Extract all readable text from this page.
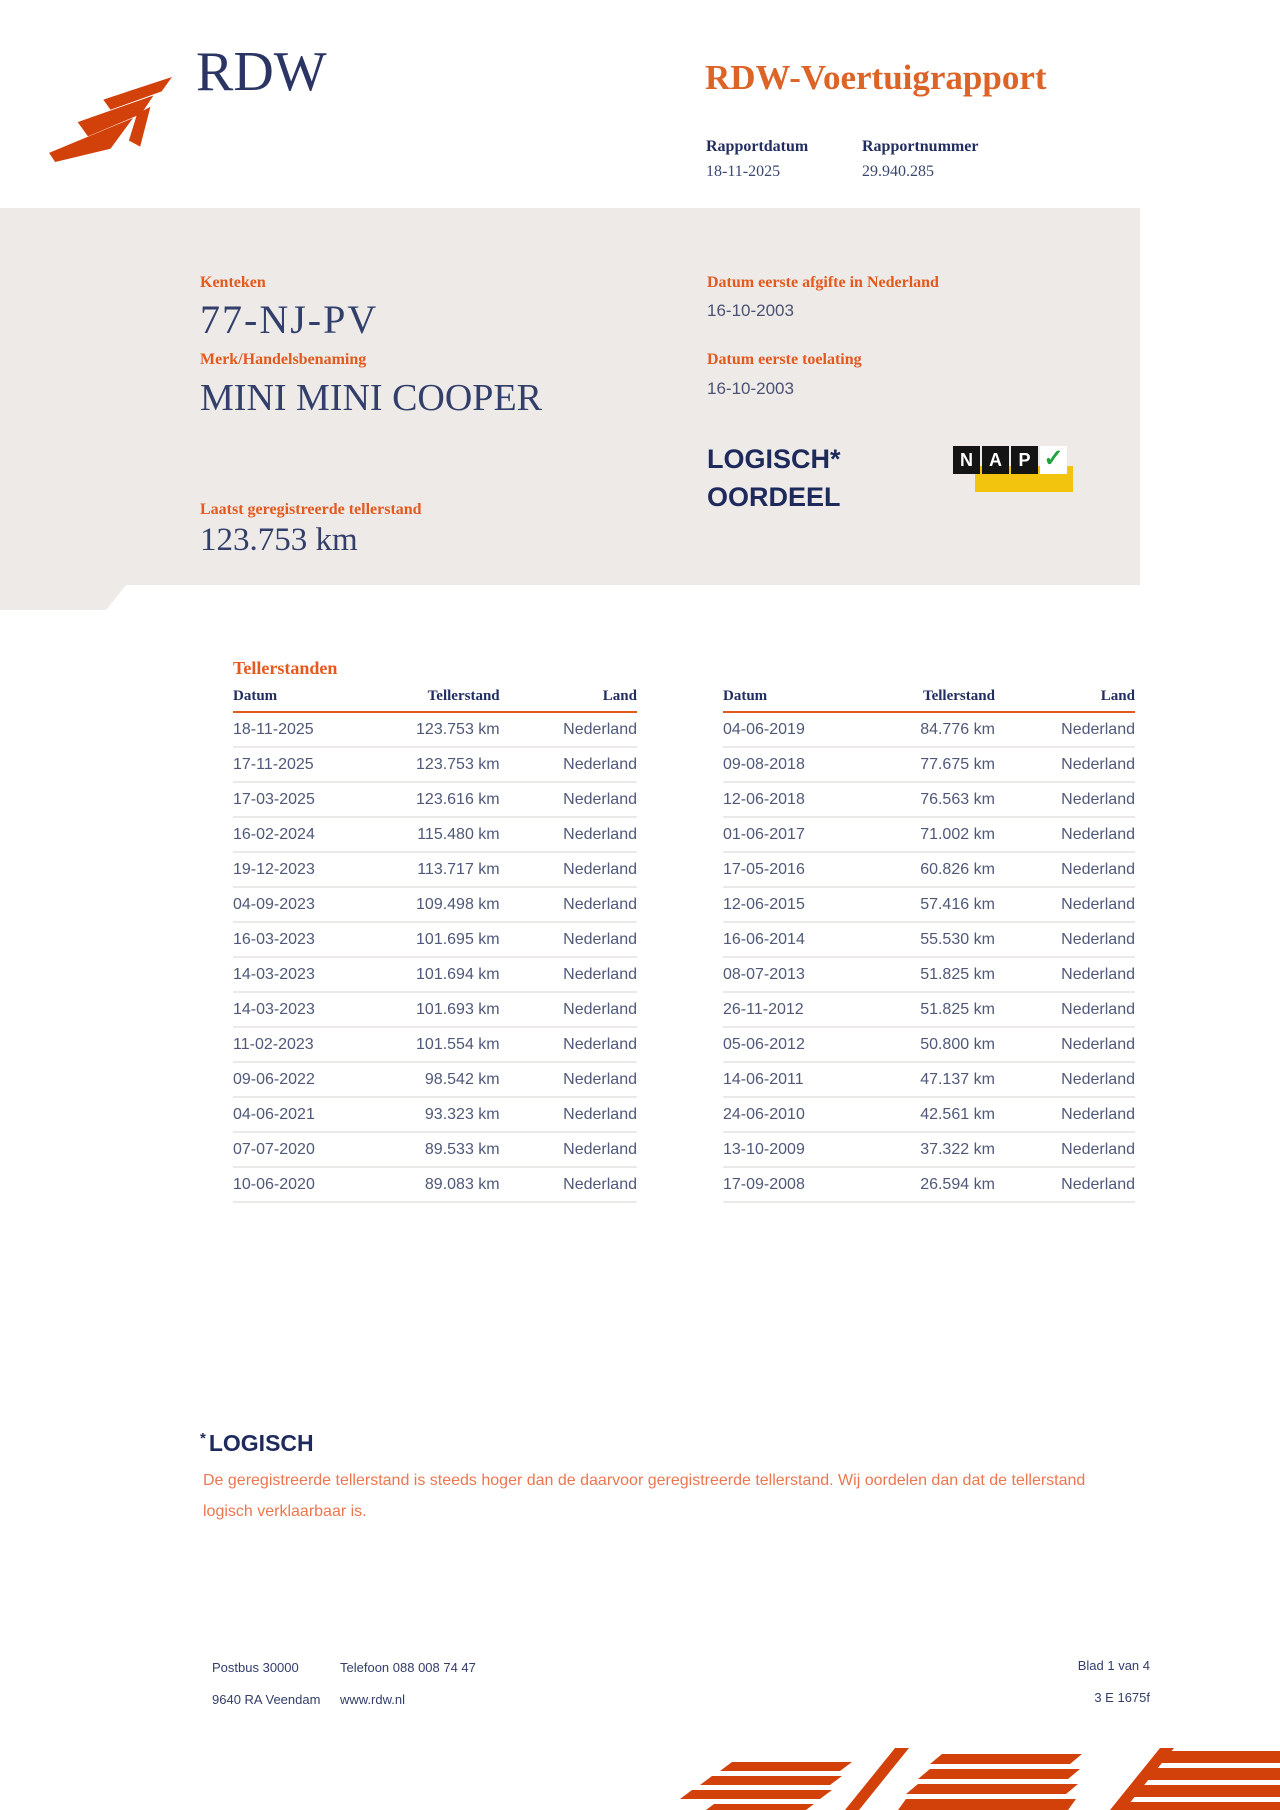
RDW	RDW-Voertuigrapport
Rapportdatum	Rapportnummer
18-11-2025	29.940.285
Kenteken
77-NJ-PV
Merk/Handelsbenaming
MINI MINI COOPER
Datum eerste afgifte in Nederland
16-10-2003
Datum eerste toelating
16-10-2003
LOGISCH*
OORDEEL
N A P ✓
Laatst geregistreerde tellerstand
123.753 km
Tellerstanden
Datum	Tellerstand	Land
18-11-2025	123.753 km	Nederland
17-11-2025	123.753 km	Nederland
17-03-2025	123.616 km	Nederland
16-02-2024	115.480 km	Nederland
19-12-2023	113.717 km	Nederland
04-09-2023	109.498 km	Nederland
16-03-2023	101.695 km	Nederland
14-03-2023	101.694 km	Nederland
14-03-2023	101.693 km	Nederland
11-02-2023	101.554 km	Nederland
09-06-2022	98.542 km	Nederland
04-06-2021	93.323 km	Nederland
07-07-2020	89.533 km	Nederland
10-06-2020	89.083 km	Nederland
Datum	Tellerstand	Land
04-06-2019	84.776 km	Nederland
09-08-2018	77.675 km	Nederland
12-06-2018	76.563 km	Nederland
01-06-2017	71.002 km	Nederland
17-05-2016	60.826 km	Nederland
12-06-2015	57.416 km	Nederland
16-06-2014	55.530 km	Nederland
08-07-2013	51.825 km	Nederland
26-11-2012	51.825 km	Nederland
05-06-2012	50.800 km	Nederland
14-06-2011	47.137 km	Nederland
24-06-2010	42.561 km	Nederland
13-10-2009	37.322 km	Nederland
17-09-2008	26.594 km	Nederland
* LOGISCH
De geregistreerde tellerstand is steeds hoger dan de daarvoor geregistreerde tellerstand. Wij oordelen dan dat de tellerstand logisch verklaarbaar is.
Postbus 30000
9640 RA Veendam
Telefoon 088 008 74 47
www.rdw.nl
Blad 1 van 4
3 E 1675f
